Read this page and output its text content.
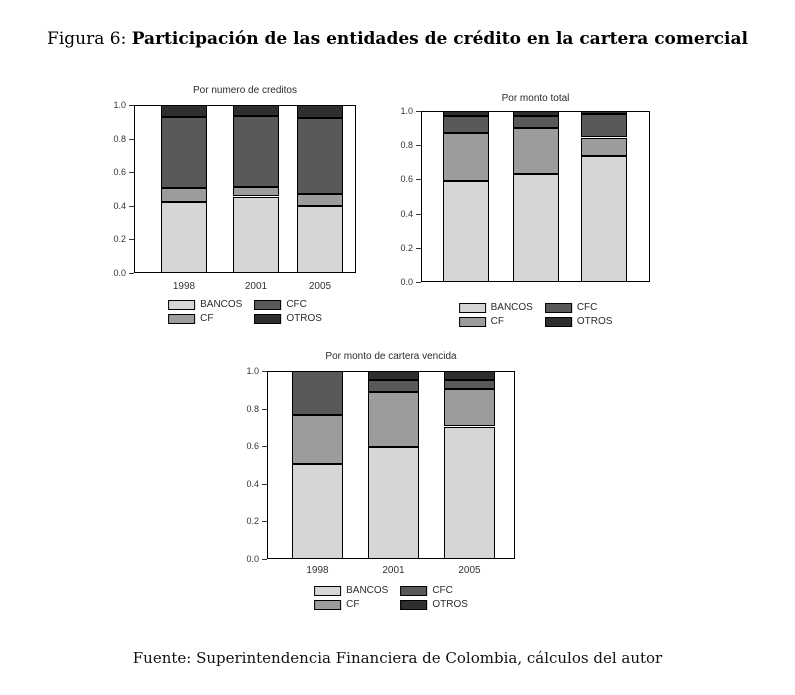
Figura 6: Participación de las entidades de crédito en la cartera comercial
Por numero de creditos
0.0
0.2
0.4
0.6
0.8
1.0
1998	2001	2005
BANCOS
CF
CFC
OTROS
Por monto total
0.0
0.2
0.4
0.6
0.8
1.0
BANCOS
CF
CFC
OTROS
Por monto de cartera vencida
0.0
0.2
0.4
0.6
0.8
1.0
1998	2001	2005
BANCOS
CF
CFC
OTROS
Fuente: Superintendencia Financiera de Colombia, cálculos del autor
